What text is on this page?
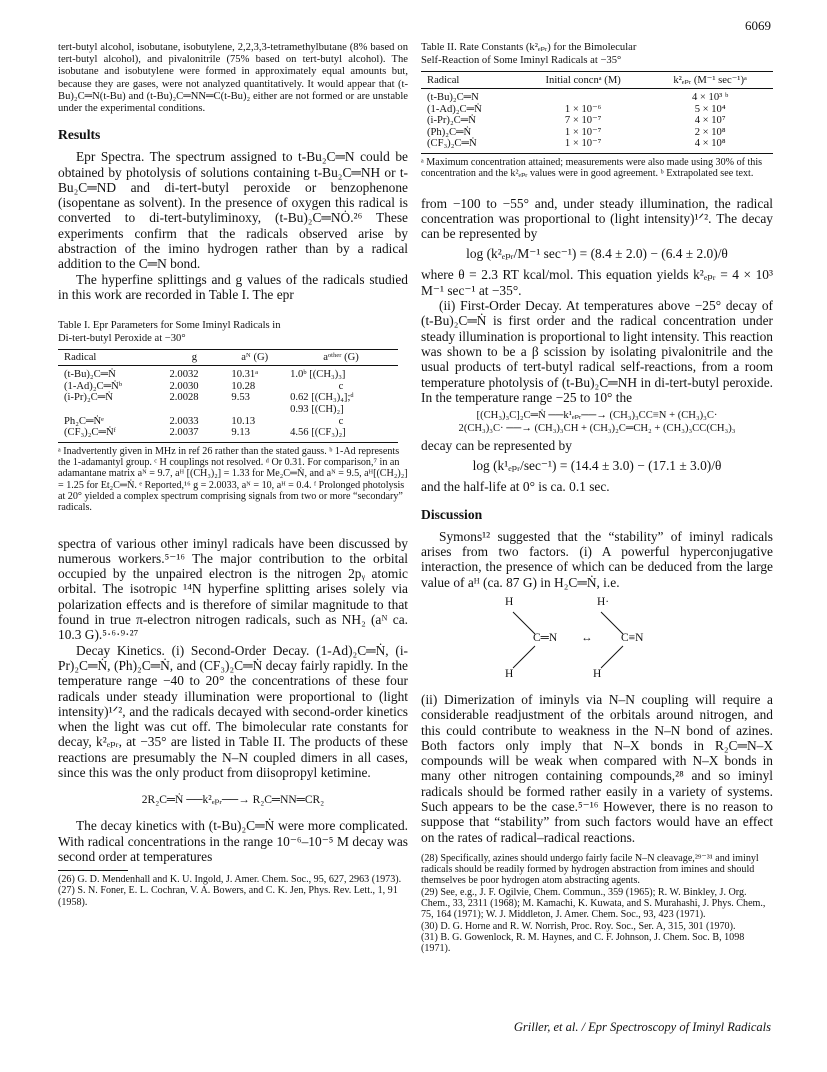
6069

tert-butyl alcohol, isobutane, isobutylene, 2,2,3,3-tetramethylbutane (8% based on tert-butyl alcohol), and pivalonitrile (75% based on tert-butyl alcohol). The isobutane and isobutylene were formed in approximately equal amounts but, because they are gases, were not analyzed quantitatively. It would appear that (t-Bu)₂C═N(t-Bu) and (t-Bu)₂C═NN═C(t-Bu)₂ either are not formed or are unstable under the experimental conditions.

Results

Epr Spectra. The spectrum assigned to t-Bu₂C═N could be obtained by photolysis of solutions containing t-Bu₂C═NH or t-Bu₂C═ND and di-tert-butyl peroxide or benzophenone (isopentane as solvent). In the presence of oxygen this radical is converted to di-tert-butyliminoxy, (t-Bu)₂C═NȮ.²⁶ These experiments confirm that the radicals observed arise by abstraction of the imino hydrogen rather than by a radical addition to the C═N bond.

The hyperfine splittings and g values of the radicals studied in this work are recorded in Table I. The epr

Table I. Epr Parameters for Some Iminyl Radicals in
Di-tert-butyl Peroxide at −30°
Radical	g	aᴺ (G)	aᵒᵗʰᵉʳ (G)
(t-Bu)₂C═Ṅ	2.0032	10.31ᵃ	1.0ᵇ [(CH₃)₃]
(1-Ad)₂C═Ṅᵇ	2.0030	10.28	c
(i-Pr)₂C═Ṅ	2.0028	9.53	0.62 [(CH₃)₄];ᵈ
			0.93 [(CH)₂]
Ph₂C═Ṅᵉ	2.0033	10.13	c
(CF₃)₂C═Ṅᶠ	2.0037	9.13	4.56 [(CF₃)₂]

ᵃ Inadvertently given in MHz in ref 26 rather than the stated gauss. ᵇ 1-Ad represents the 1-adamantyl group. ᶜ H couplings not resolved. ᵈ Or 0.31. For comparison,⁷ in an adamantane matrix aᴺ = 9.7, aᴴ [(CH₃)₂] = 1.33 for Me₂C═Ṅ, and aᴺ = 9.5, aᴴ[(CH₂)₂] = 1.25 for Et₂C═Ṅ. ᵉ Reported,¹⁶ g = 2.0033, aᴺ = 10, aᴴ = 0.4. ᶠ Prolonged photolysis at 20° yielded a complex spectrum comprising signals from two or more “secondary” radicals.

spectra of various other iminyl radicals have been discussed by numerous workers.⁵⁻¹⁶ The major contribution to the orbital occupied by the unpaired electron is the nitrogen 2pᵧ atomic orbital. The isotropic ¹⁴N hyperfine splitting arises solely via polarization effects and is therefore of similar magnitude to that found in true π-electron nitrogen radicals, such as NH₂ (aᴺ ca. 10.3 G).⁵·⁶·⁹·²⁷

Decay Kinetics. (i) Second-Order Decay. (1-Ad)₂C═Ṅ, (i-Pr)₂C═Ṅ, (Ph)₂C═Ṅ, and (CF₃)₂C═Ṅ decay fairly rapidly. In the temperature range −40 to 20° the concentrations of these four radicals under steady illumination were proportional to (light intensity)¹ᐟ², and the radicals decayed with second-order kinetics when the light was cut off. The bimolecular rate constants for decay, k²ₑₚᵣ, at −35° are listed in Table II. The products of these reactions are presumably the N–N coupled dimers in all cases, since this was the only product from diisopropyl ketimine.

2R₂C═Ṅ ──k²ₑₚᵣ──→ R₂C═NN═CR₂

The decay kinetics with (t-Bu)₂C═Ṅ were more complicated. With radical concentrations in the range 10⁻⁶–10⁻⁵ M decay was second order at temperatures

(26) G. D. Mendenhall and K. U. Ingold, J. Amer. Chem. Soc., 95, 627, 2963 (1973).

(27) S. N. Foner, E. L. Cochran, V. A. Bowers, and C. K. Jen, Phys. Rev. Lett., 1, 91 (1958).

Table II. Rate Constants (k²ₑₚᵣ) for the Bimolecular
Self-Reaction of Some Iminyl Radicals at −35°
Radical	Initial concnᵃ (M)	k²ₑₚᵣ (M⁻¹ sec⁻¹)ᵃ
(t-Bu)₂C═N		4 × 10³ ᵇ
(1-Ad)₂C═Ṅ	1 × 10⁻⁶	5 × 10⁴
(i-Pr)₂C═Ṅ	7 × 10⁻⁷	4 × 10⁷
(Ph)₂C═Ṅ	1 × 10⁻⁷	2 × 10⁸
(CF₃)₂C═Ṅ	1 × 10⁻⁷	4 × 10⁸

ᵃ Maximum concentration attained; measurements were also made using 30% of this concentration and the k²ₑₚᵣ values were in good agreement. ᵇ Extrapolated see text.

from −100 to −55° and, under steady illumination, the radical concentration was proportional to (light intensity)¹ᐟ². The decay can be represented by

log (k²ₑₚᵣ/M⁻¹ sec⁻¹) = (8.4 ± 2.0) − (6.4 ± 2.0)/θ

where θ = 2.3 RT kcal/mol. This equation yields k²ₑₚᵣ = 4 × 10³ M⁻¹ sec⁻¹ at −35°.

(ii) First-Order Decay. At temperatures above −25° decay of (t-Bu)₂C═Ṅ is first order and the radical concentration under steady illumination is proportional to light intensity. This reaction was shown to be a β scission by isolating pivalonitrile and the usual products of tert-butyl radical self-reactions, from a room temperature photolysis of (t-Bu)₂C═NH in di-tert-butyl peroxide. In the temperature range −25 to 10° the

[(CH₃)₃C]₂C═Ṅ ──k¹ₑₚᵣ──→ (CH₃)₃CC≡N + (CH₃)₃C·
2(CH₃)₃C· ──→ (CH₃)₃CH + (CH₃)₂C═CH₂ + (CH₃)₃CC(CH₃)₃

decay can be represented by

log (k¹ₑₚᵣ/sec⁻¹) = (14.4 ± 3.0) − (17.1 ± 3.0)/θ

and the half-life at 0° is ca. 0.1 sec.

Discussion

Symons¹² suggested that the “stability” of iminyl radicals arises from two factors. (i) A powerful hyperconjugative interaction, the presence of which can be deduced from the large value of aᴴ (ca. 87 G) in H₂C═Ṅ, i.e.

H	H·
C═N ↔ C≡N
H	H

(ii) Dimerization of iminyls via N–N coupling will require a considerable readjustment of the orbitals around nitrogen, and this could contribute to weakness in the N–N bond of azines. Both factors only imply that N–X bonds in R₂C═N–X compounds will be weak when compared with N–X bonds in many other nitrogen containing compounds,²⁸ and so iminyl radicals should be formed rather easily in a variety of systems. Such appears to be the case.⁵⁻¹⁶ However, there is no reason to suppose that “stability” from such factors would have an effect on the rates of radical–radical reactions.

(28) Specifically, azines should undergo fairly facile N–N cleavage,²⁹⁻³¹ and iminyl radicals should be readily formed by hydrogen abstraction from imines and should themselves be poor hydrogen atom abstracting agents.

(29) See, e.g., J. F. Ogilvie, Chem. Commun., 359 (1965); R. W. Binkley, J. Org. Chem., 33, 2311 (1968); M. Kamachi, K. Kuwata, and S. Murahashi, J. Phys. Chem., 75, 164 (1971); W. J. Middleton, J. Amer. Chem. Soc., 93, 423 (1971).

(30) D. G. Horne and R. W. Norrish, Proc. Roy. Soc., Ser. A, 315, 301 (1970).

(31) B. G. Gowenlock, R. M. Haynes, and C. F. Johnson, J. Chem. Soc. B, 1098 (1971).

Griller, et al. / Epr Spectroscopy of Iminyl Radicals
